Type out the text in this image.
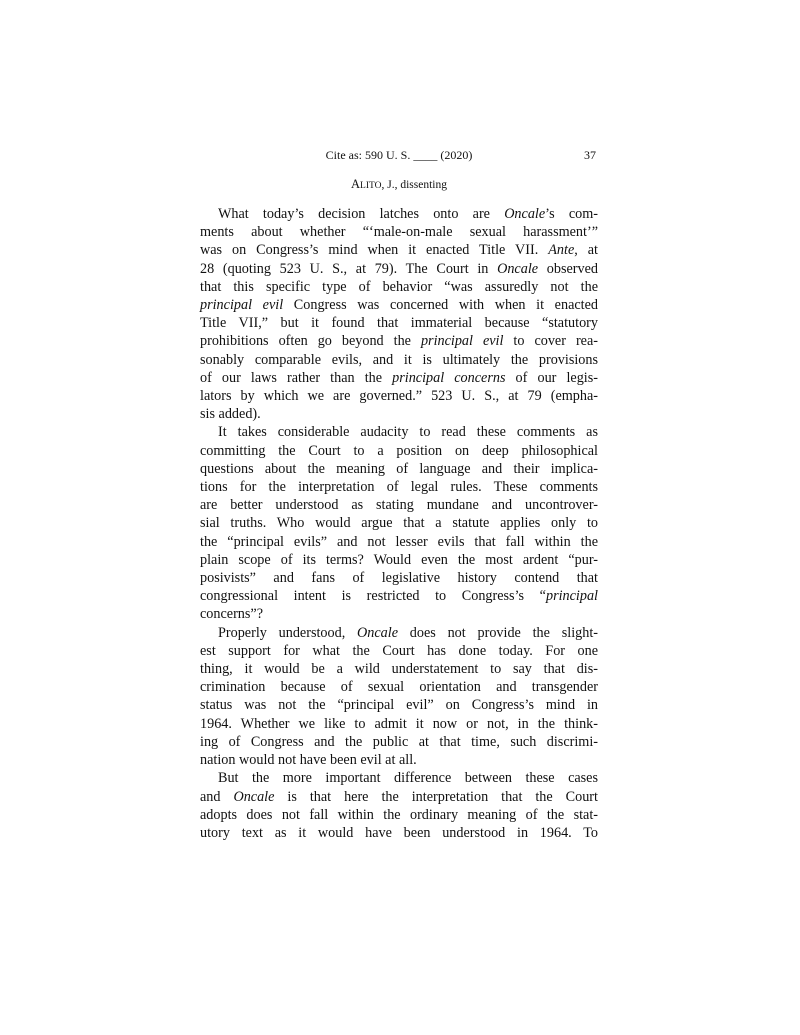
Cite as: 590 U. S. ____ (2020)	37
ALITO, J., dissenting
What today’s decision latches onto are Oncale’s com-
ments about whether “‘male-on-male sexual harassment’”
was on Congress’s mind when it enacted Title VII. Ante, at
28 (quoting 523 U. S., at 79). The Court in Oncale observed
that this specific type of behavior “was assuredly not the
principal evil Congress was concerned with when it enacted
Title VII,” but it found that immaterial because “statutory
prohibitions often go beyond the principal evil to cover rea-
sonably comparable evils, and it is ultimately the provisions
of our laws rather than the principal concerns of our legis-
lators by which we are governed.” 523 U. S., at 79 (empha-
sis added).
It takes considerable audacity to read these comments as
committing the Court to a position on deep philosophical
questions about the meaning of language and their implica-
tions for the interpretation of legal rules. These comments
are better understood as stating mundane and uncontrover-
sial truths. Who would argue that a statute applies only to
the “principal evils” and not lesser evils that fall within the
plain scope of its terms? Would even the most ardent “pur-
posivists” and fans of legislative history contend that
congressional intent is restricted to Congress’s “principal
concerns”?
Properly understood, Oncale does not provide the slight-
est support for what the Court has done today. For one
thing, it would be a wild understatement to say that dis-
crimination because of sexual orientation and transgender
status was not the “principal evil” on Congress’s mind in
1964. Whether we like to admit it now or not, in the think-
ing of Congress and the public at that time, such discrimi-
nation would not have been evil at all.
But the more important difference between these cases
and Oncale is that here the interpretation that the Court
adopts does not fall within the ordinary meaning of the stat-
utory text as it would have been understood in 1964. To
